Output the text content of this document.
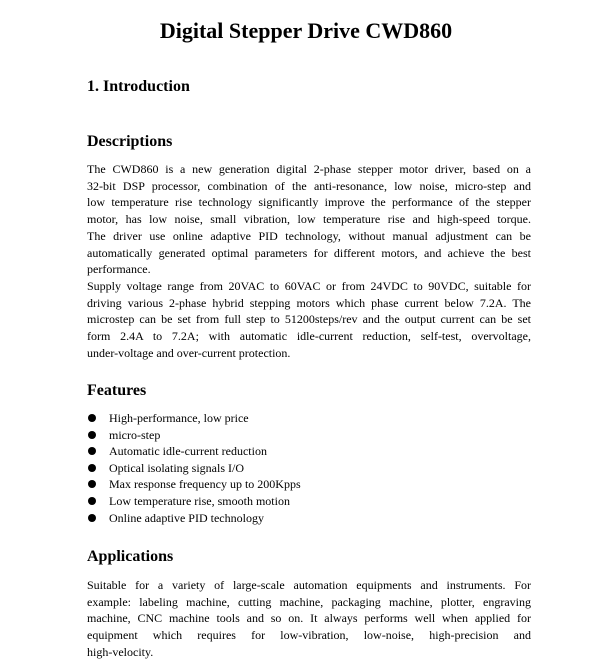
Digital Stepper Drive CWD860
1. Introduction
Descriptions

The CWD860 is a new generation digital 2-phase stepper motor driver, based on a
32-bit DSP processor, combination of the anti-resonance, low noise, micro-step and
low temperature rise technology significantly improve the performance of the stepper
motor, has low noise, small vibration, low temperature rise and high-speed torque.
The driver use online adaptive PID technology, without manual adjustment can be
automatically generated optimal parameters for different motors, and achieve the best
performance.

Supply voltage range from 20VAC to 60VAC or from 24VDC to 90VDC, suitable for
driving various 2-phase hybrid stepping motors which phase current below 7.2A. The
microstep can be set from full step to 51200steps/rev and the output current can be set
form 2.4A to 7.2A; with automatic idle-current reduction, self-test, overvoltage,
under-voltage and over-current protection.

Features
High-performance, low price
micro-step
Automatic idle-current reduction
Optical isolating signals I/O
Max response frequency up to 200Kpps
Low temperature rise, smooth motion
Online adaptive PID technology
Applications

Suitable for a variety of large-scale automation equipments and instruments. For
example: labeling machine, cutting machine, packaging machine, plotter, engraving
machine, CNC machine tools and so on. It always performs well when applied for
equipment which requires for low-vibration, low-noise, high-precision and
high-velocity.
